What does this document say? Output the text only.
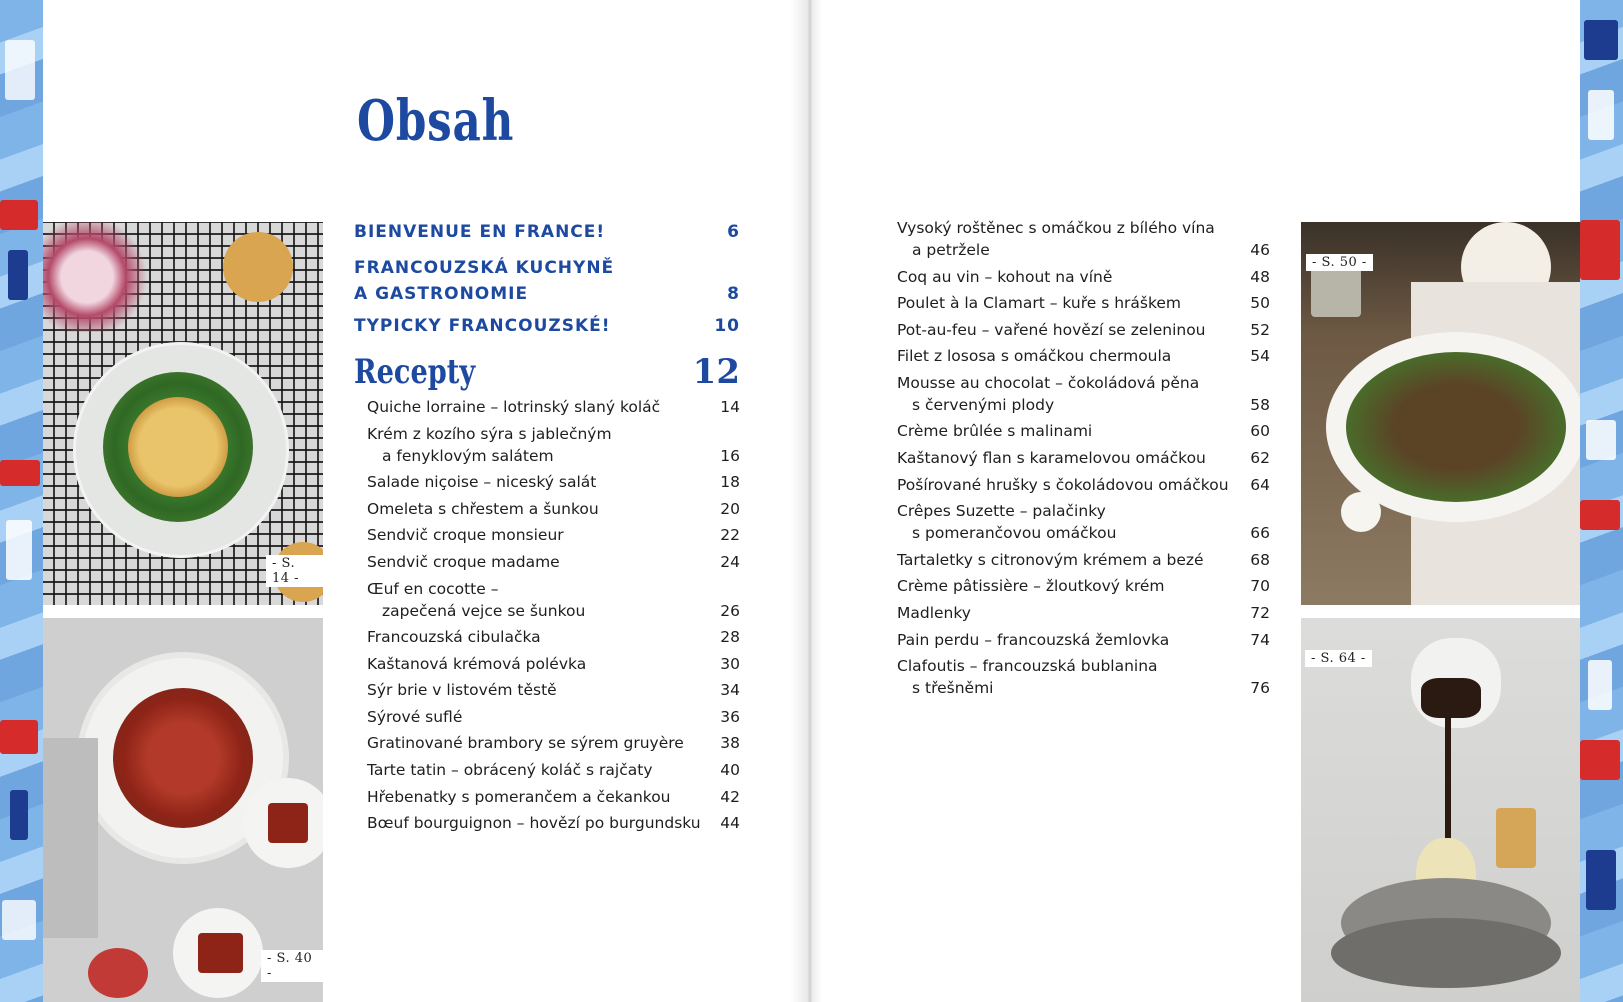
- S. 14 -
- S. 40 -
- S. 50 -
- S. 64 -
Obsah
BIENVENUE EN FRANCE!	6
FRANCOUZSKÁ KUCHYNĚ
A GASTRONOMIE	8
TYPICKY FRANCOUZSKÉ!	10
Recepty	12
Quiche lorraine – lotrinský slaný koláč	14
Krém z kozího sýra s jablečným
a fenyklovým salátem	16
Salade niçoise – nicеský salát	18
Omeleta s chřestem a šunkou	20
Sendvič croque monsieur	22
Sendvič croque madame	24
Œuf en cocotte –
zapečená vejce se šunkou	26
Francouzská cibulačka	28
Kaštanová krémová polévka	30
Sýr brie v listovém těstě	34
Sýrové suflé	36
Gratinované brambory se sýrem gruyère 38
Tarte tatin – obrácený koláč s rajčaty	40
Hřebenatky s pomerančem a čekankou	42
Bœuf bourguignon – hovězí po burgundsku 44
Vysoký roštěnec s omáčkou z bílého vína
a petržele	46
Coq au vin – kohout na víně	48
Poulet à la Clamart – kuře s hráškem	50
Pot-au-feu – vařené hovězí se zeleninou	52
Filet z lososa s omáčkou chermoula	54
Mousse au chocolat – čokoládová pěna
s červenými plody	58
Crème brûlée s malinami	60
Kaštanový flan s karamelovou omáčkou	62
Pošírované hrušky s čokoládovou omáčkou 64
Crêpes Suzette – palačinky
s pomerančovou omáčkou	66
Tartaletky s citronovým krémem a bezé	68
Crème pâtissière – žloutkový krém	70
Madlenky	72
Pain perdu – francouzská žemlovka	74
Clafoutis – francouzská bublanina
s třešněmi	76
